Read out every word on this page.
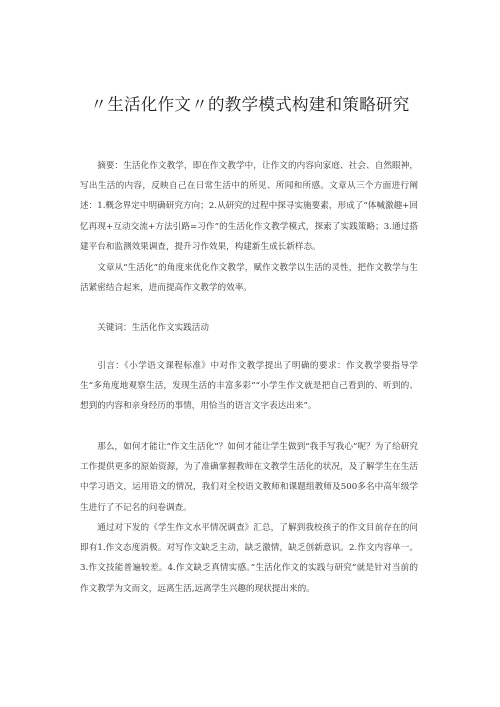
〃生活化作文〃的教学模式构建和策略研究

摘要：生活化作文教学，即在作文教学中，让作文的内容向家庭、社会、自然眼神，写出生活的内容，反映自己在日常生活中的所见、所闻和所感。文章从三个方面进行阐述：1.概念界定中明确研究方向；2.从研究的过程中探寻实施要素，形成了“体喊激趣+回忆再现+互动交流+方法引路=习作”的生活化作文教学模式，探索了实践策略；3.通过搭建平台和监测效果调查，提升习作效果，构建新生成长新样态。

文章从“生活化”的角度来优化作文教学，赋作文教学以生活的灵性，把作文教学与生活紧密结合起来，进而提高作文教学的效率。

关键词：生活化作文实践活动

引言：《小学语文课程标准》中对作文教学提出了明确的要求：作文教学要指导学生“多角度地观察生活，发现生活的丰富多彩”“小学生作文就是把自己看到的、听到的、想到的内容和亲身经历的事情，用恰当的语言文字表达出来”。

那么，如何才能让“作文生活化”？如何才能让学生做到“我手写我心”呢？为了给研究工作提供更多的原始资源，为了准确掌握教师在文教学生活化的状况，及了解学生在生活中学习语文，运用语文的情况，我们对全校语文教师和课题组教师及500多名中高年级学生进行了不记名的问卷调查。

通过对下发的《学生作文水平情况调查》汇总，了解到我校孩子的作文目前存在的问即有1.作文态度消极。对写作文缺乏主动，缺乏激情，缺乏创新意识。2.作文内容单一。3.作文技能普遍较差。4.作文缺乏真情实感。”生活化作文的实践与研究”就是针对当前的作文教学为文而文，远离生活,远离学生兴趣的现状提出来的。
